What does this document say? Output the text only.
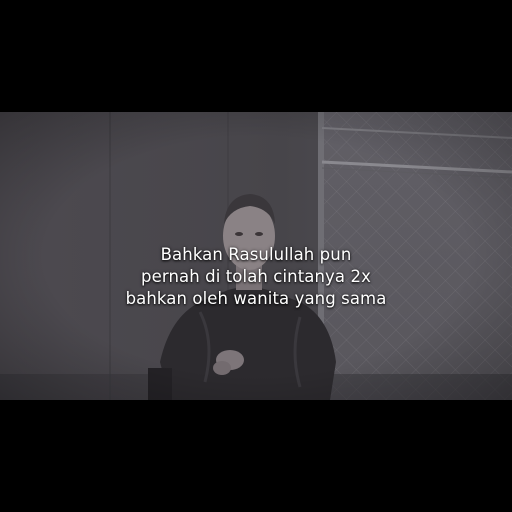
Bahkan Rasulullah pun
pernah di tolah cintanya 2x
bahkan oleh wanita yang sama
